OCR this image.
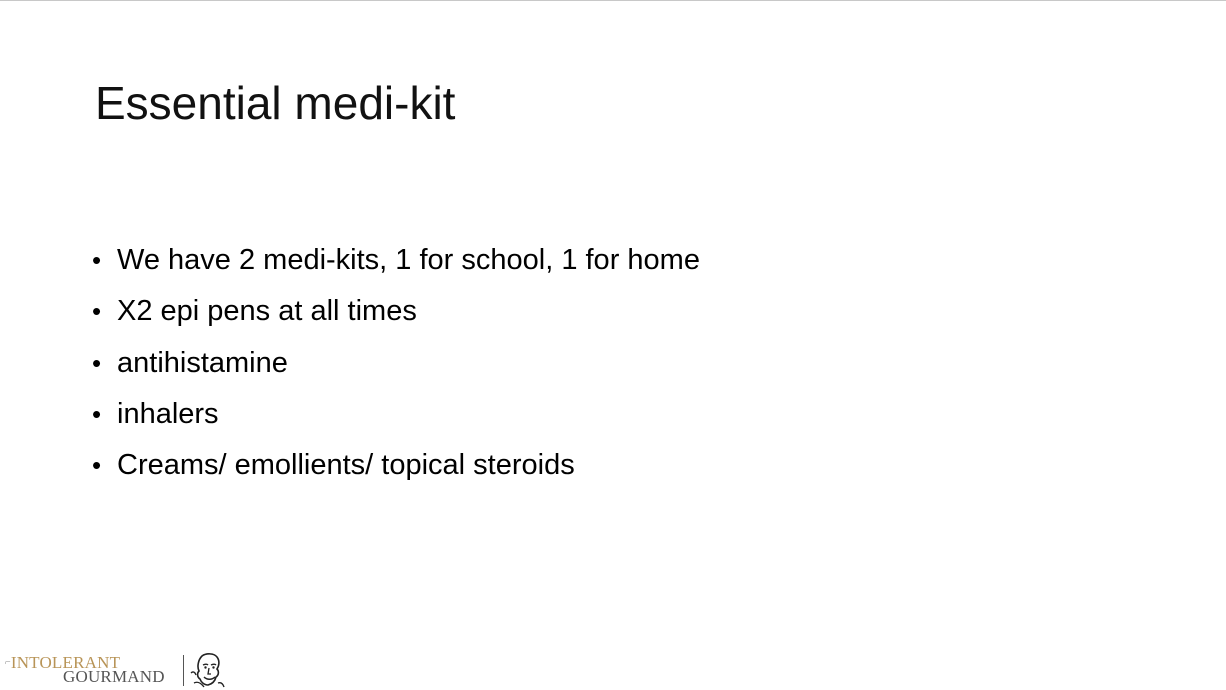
Essential medi-kit
• We have 2 medi-kits, 1 for school, 1 for home
• X2 epi pens at all times
• antihistamine
• inhalers
• Creams/ emollients/ topical steroids
⌐INTOLERANT
GOURMAND
